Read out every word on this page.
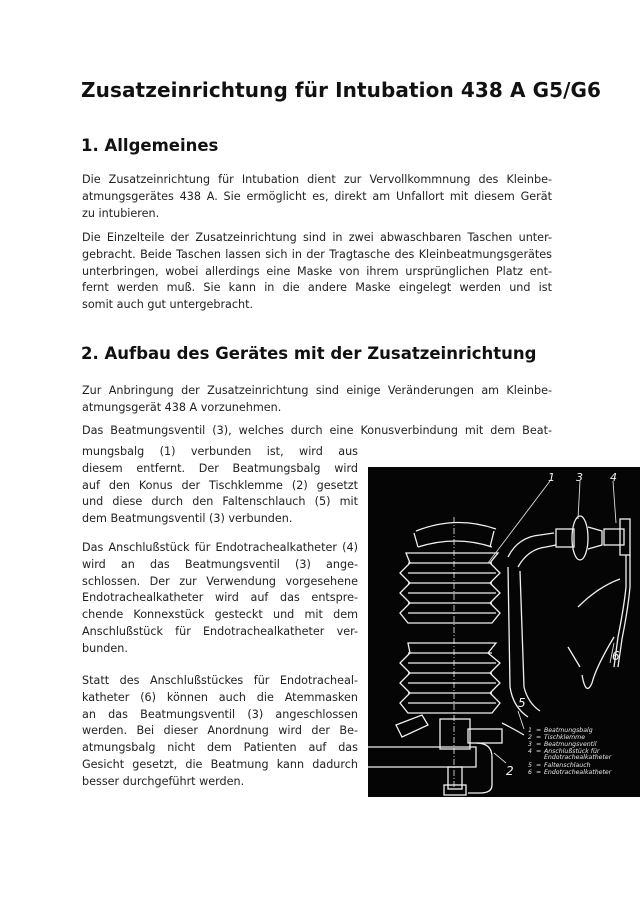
Zusatzeinrichtung für Intubation 438 A G5/G6
1. Allgemeines
Die Zusatzeinrichtung für Intubation dient zur Vervollkommnung des Kleinbe-
atmungsgerätes 438 A. Sie ermöglicht es, direkt am Unfallort mit diesem Gerät
zu intubieren.
Die Einzelteile der Zusatzeinrichtung sind in zwei abwaschbaren Taschen unter-
gebracht. Beide Taschen lassen sich in der Tragtasche des Kleinbeatmungsgerätes
unterbringen, wobei allerdings eine Maske von ihrem ursprünglichen Platz ent-
fernt werden muß. Sie kann in die andere Maske eingelegt werden und ist
somit auch gut untergebracht.
2. Aufbau des Gerätes mit der Zusatzeinrichtung
Zur Anbringung der Zusatzeinrichtung sind einige Veränderungen am Kleinbe-
atmungsgerät 438 A vorzunehmen.
Das Beatmungsventil (3), welches durch eine Konusverbindung mit dem Beat-
mungsbalg (1) verbunden ist, wird aus
diesem entfernt. Der Beatmungsbalg wird
auf den Konus der Tischklemme (2) gesetzt
und diese durch den Faltenschlauch (5) mit
dem Beatmungsventil (3) verbunden.
Das Anschlußstück für Endotrachealkatheter (4)
wird an das Beatmungsventil (3) ange-
schlossen. Der zur Verwendung vorgesehene
Endotrachealkatheter wird auf das entspre-
chende Konnexstück gesteckt und mit dem
Anschlußstück für Endotrachealkatheter ver-
bunden.
Statt des Anschlußstückes für Endotracheal-
katheter (6) können auch die Atemmasken
an das Beatmungsventil (3) angeschlossen
werden. Bei dieser Anordnung wird der Be-
atmungsbalg nicht dem Patienten auf das
Gesicht gesetzt, die Beatmung kann dadurch
besser durchgeführt werden.
1 3 4
6
5
2
1 = Beatmungsbalg
2 = Tischklemme
3 = Beatmungsventil
4 = Anschlußstück für
Endotrachealkatheter
5 = Faltenschlauch
6 = Endotrachealkatheter
